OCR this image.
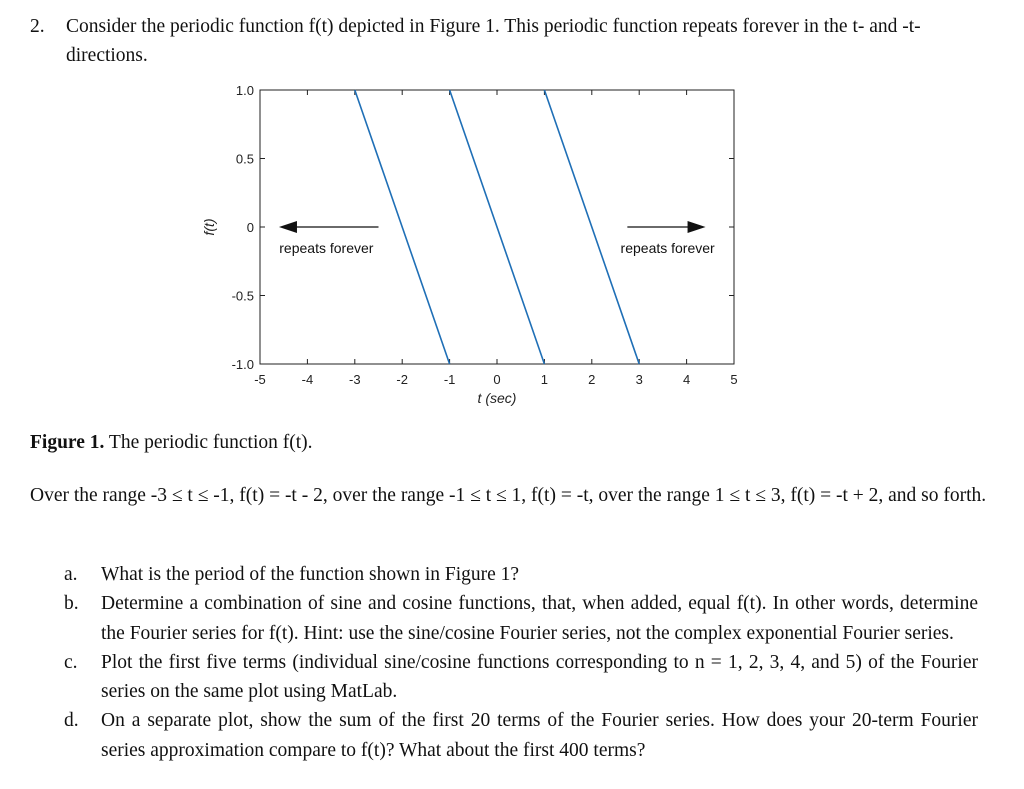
2. Consider the periodic function f(t) depicted in Figure 1. This periodic function repeats forever in the t- and -t-directions.
-5	-4	-3	-2	-1	0	1	2	3	4	5
1.0
0.5
0
-0.5
-1.0
repeats forever	repeats forever
t (sec)
f(t)
Figure 1. The periodic function f(t).
Over the range -3 ≤ t ≤ -1, f(t) = -t - 2, over the range -1 ≤ t ≤ 1, f(t) = -t, over the range 1 ≤ t ≤ 3, f(t) = -t + 2, and so forth.
a. What is the period of the function shown in Figure 1?
b. Determine a combination of sine and cosine functions, that, when added, equal f(t). In other words, determine the Fourier series for f(t). Hint: use the sine/cosine Fourier series, not the complex exponential Fourier series.
c. Plot the first five terms (individual sine/cosine functions corresponding to n = 1, 2, 3, 4, and 5) of the Fourier series on the same plot using MatLab.
d. On a separate plot, show the sum of the first 20 terms of the Fourier series. How does your 20-term Fourier series approximation compare to f(t)? What about the first 400 terms?
